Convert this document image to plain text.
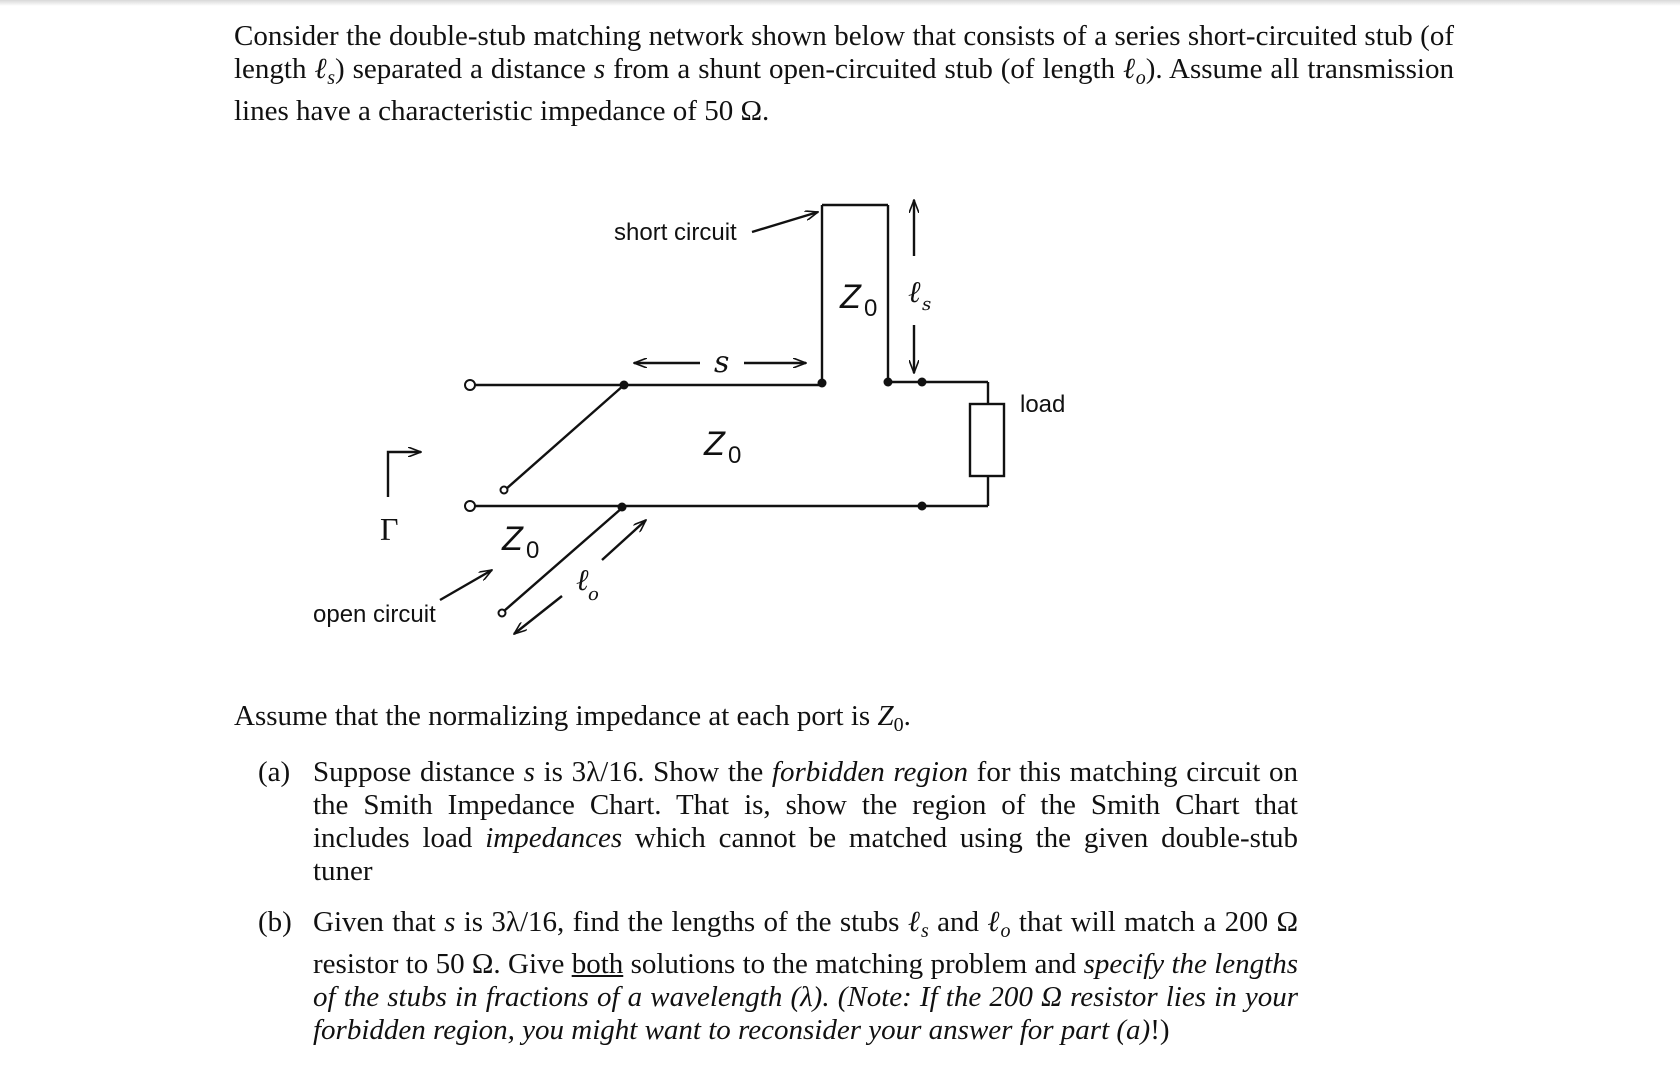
Consider the double-stub matching network shown below that consists of a series short-circuited stub (of length ℓ$_s$) separated a distance s from a shunt open-circuited stub (of length ℓ$_o$). Assume all transmission lines have a characteristic impedance of 50 Ω.
short circuit
open circuit
load
Γ
Z 0
Z 0
Z 0
ℓ s
s
ℓ o
Assume that the normalizing impedance at each port is $Z_0$.
(a) Suppose distance s is 3λ/16. Show the forbidden region for this matching circuit on the Smith Impedance Chart. That is, show the region of the Smith Chart that includes load impedances which cannot be matched using the given double-stub tuner
(b) Given that s is 3λ/16, find the lengths of the stubs ℓ$_s$ and ℓ$_o$ that will match a 200 Ω resistor to 50 Ω. Give both solutions to the matching problem and specify the lengths of the stubs in fractions of a wavelength (λ). (Note: If the 200 Ω resistor lies in your forbidden region, you might want to reconsider your answer for part (a)!)
